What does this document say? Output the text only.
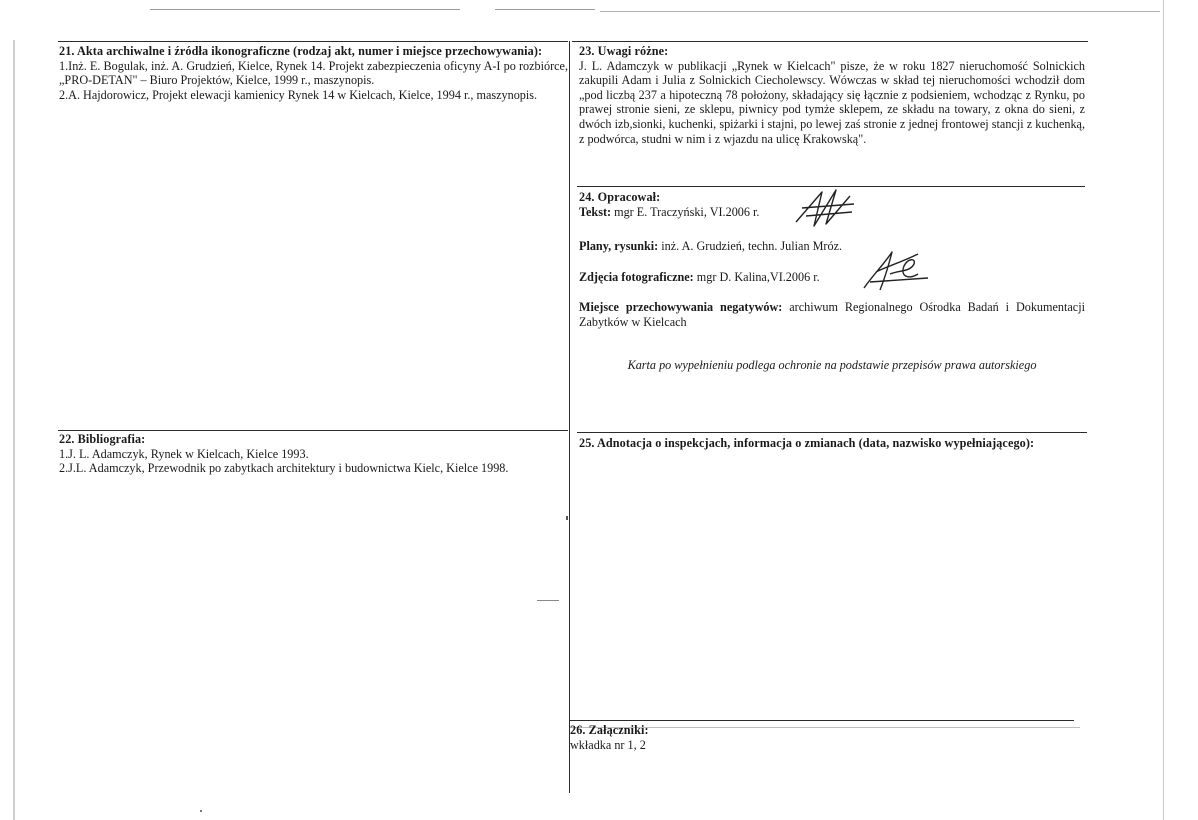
21. Akta archiwalne i źródła ikonograficzne (rodzaj akt, numer i miejsce przechowywania):

1.Inż. E. Bogulak, inż. A. Grudzień, Kielce, Rynek 14. Projekt zabezpieczenia oficyny A-I po rozbiórce, „PRO-DETAN" – Biuro Projektów, Kielce, 1999 r., maszynopis.

2.A. Hajdorowicz, Projekt elewacji kamienicy Rynek 14 w Kielcach, Kielce, 1994 r., maszynopis.

22. Bibliografia:

1.J. L. Adamczyk, Rynek w Kielcach, Kielce 1993.

2.J.L. Adamczyk, Przewodnik po zabytkach architektury i budownictwa Kielc, Kielce 1998.

23. Uwagi różne:

J. L. Adamczyk w publikacji „Rynek w Kielcach" pisze, że w roku 1827 nieruchomość Solnickich zakupili Adam i Julia z Solnickich Ciecholewscy. Wówczas w skład tej nieruchomości wchodził dom „pod liczbą 237 a hipoteczną 78 położony, składający się łącznie z podsieniem, wchodząc z Rynku, po prawej stronie sieni, ze sklepu, piwnicy pod tymże sklepem, ze składu na towary, z okna do sieni, z dwóch izb,sionki, kuchenki, spiżarki i stajni, po lewej zaś stronie z jednej frontowej stancji z kuchenką, z podwórca, studni w nim i z wjazdu na ulicę Krakowską".

24. Opracował:

Tekst: mgr E. Traczyński, VI.2006 r.

Plany, rysunki: inż. A. Grudzień, techn. Julian Mróz.

Zdjęcia fotograficzne: mgr D. Kalina,VI.2006 r.

Miejsce przechowywania negatywów: archiwum Regionalnego Ośrodka Badań i Dokumentacji Zabytków w Kielcach

Karta po wypełnieniu podlega ochronie na podstawie przepisów prawa autorskiego

25. Adnotacja o inspekcjach, informacja o zmianach (data, nazwisko wypełniającego):

26. Załączniki:

wkładka nr 1, 2
